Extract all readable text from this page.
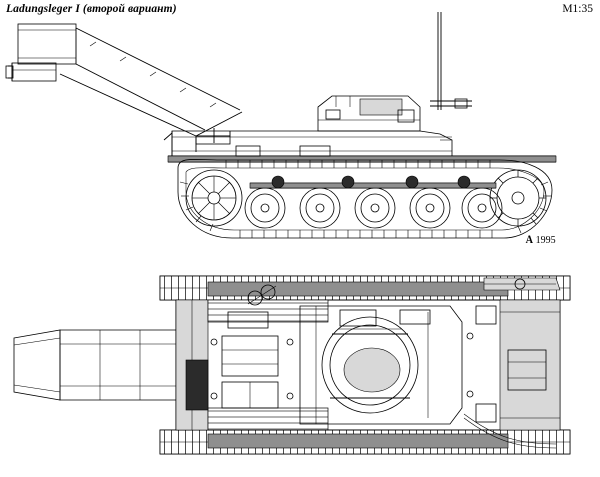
Ladungsleger I (второй вариант)	M1:35
A 1995
